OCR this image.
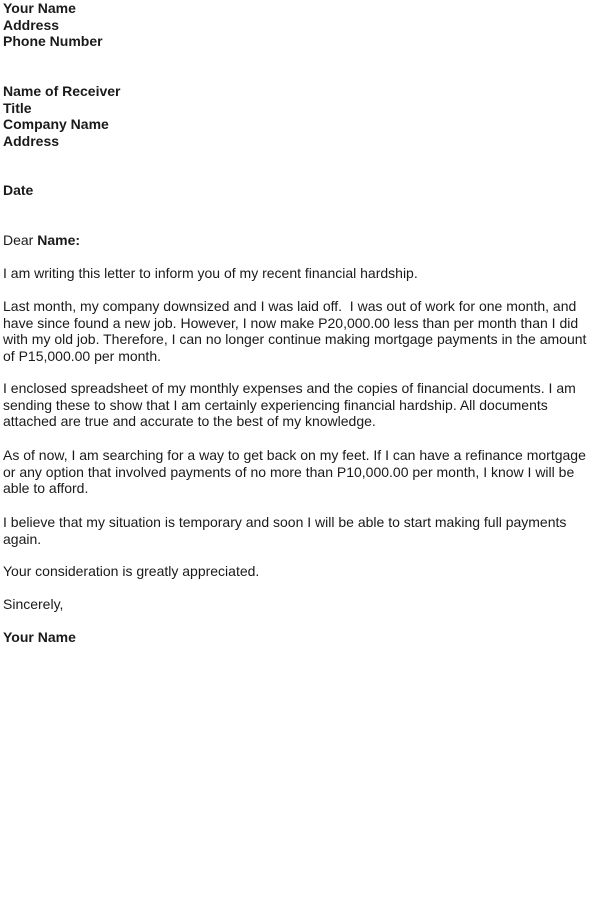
Your Name
Address
Phone Number
Name of Receiver
Title
Company Name
Address
Date
Dear Name:
I am writing this letter to inform you of my recent financial hardship.
Last month, my company downsized and I was laid off.  I was out of work for one month, and
have since found a new job. However, I now make P20,000.00 less than per month than I did
with my old job. Therefore, I can no longer continue making mortgage payments in the amount
of P15,000.00 per month.
I enclosed spreadsheet of my monthly expenses and the copies of financial documents. I am
sending these to show that I am certainly experiencing financial hardship. All documents
attached are true and accurate to the best of my knowledge.
As of now, I am searching for a way to get back on my feet. If I can have a refinance mortgage
or any option that involved payments of no more than P10,000.00 per month, I know I will be
able to afford.
I believe that my situation is temporary and soon I will be able to start making full payments
again.
Your consideration is greatly appreciated.
Sincerely,
Your Name
